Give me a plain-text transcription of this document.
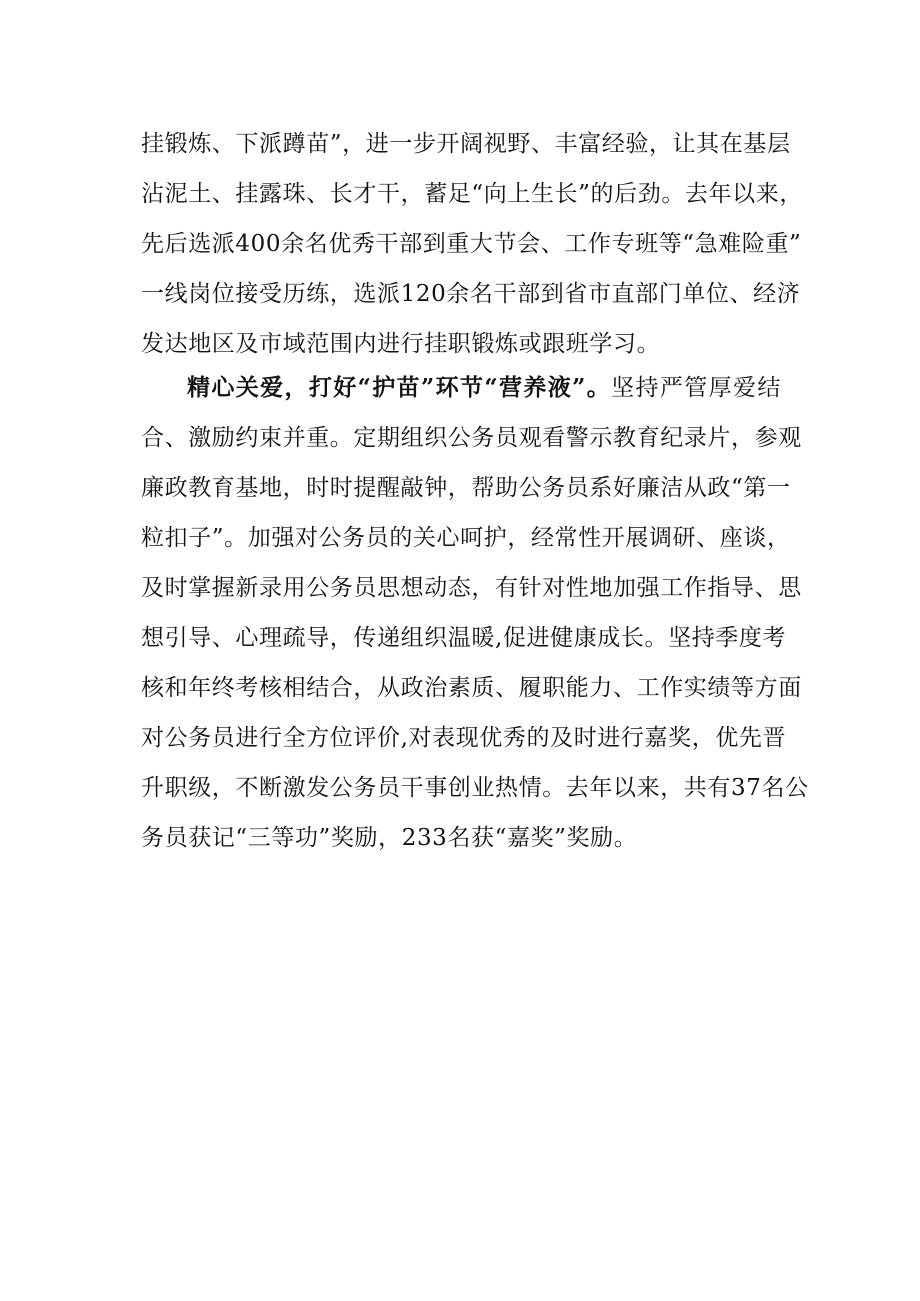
挂锻炼、下派蹲苗”，进一步开阔视野、丰富经验，让其在基层
沾泥土、挂露珠、长才干，蓄足“向上生长”的后劲。去年以来，
先后选派400余名优秀干部到重大节会、工作专班等“急难险重”
一线岗位接受历练，选派120余名干部到省市直部门单位、经济
发达地区及市域范围内进行挂职锻炼或跟班学习。
精心关爱，打好“护苗”环节“营养液”。坚持严管厚爱结
合、激励约束并重。定期组织公务员观看警示教育纪录片，参观
廉政教育基地，时时提醒敲钟，帮助公务员系好廉洁从政“第一
粒扣子”。加强对公务员的关心呵护，经常性开展调研、座谈，
及时掌握新录用公务员思想动态，有针对性地加强工作指导、思
想引导、心理疏导，传递组织温暖,促进健康成长。坚持季度考
核和年终考核相结合，从政治素质、履职能力、工作实绩等方面
对公务员进行全方位评价,对表现优秀的及时进行嘉奖，优先晋
升职级，不断激发公务员干事创业热情。去年以来，共有37名公
务员获记“三等功”奖励，233名获“嘉奖”奖励。
